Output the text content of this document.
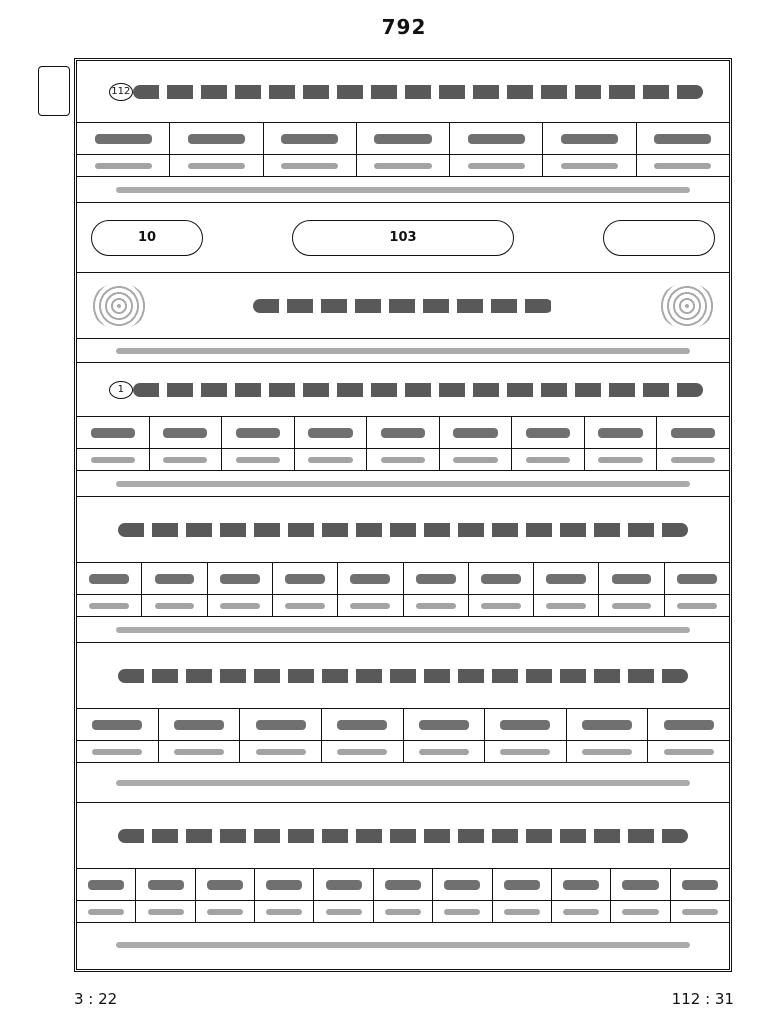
792
112
10	103
1
3 : 22	112 : 31
